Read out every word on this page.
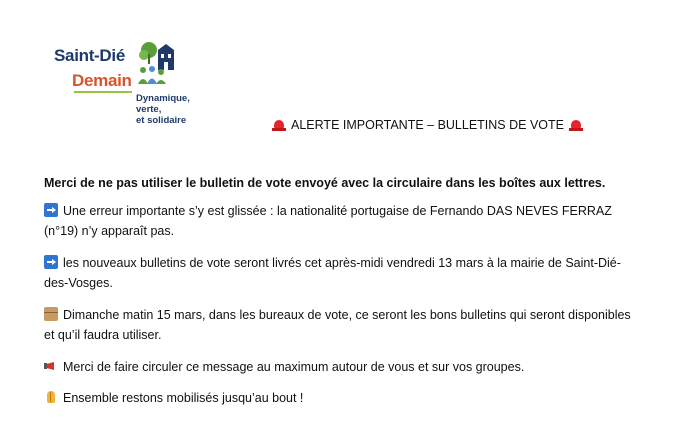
Saint-Dié
Demain
Dynamique,
verte,
et solidaire	ALERTE IMPORTANTE – BULLETINS DE VOTE

Merci de ne pas utiliser le bulletin de vote envoyé avec la circulaire dans les boîtes aux lettres.

Une erreur importante s’y est glissée : la nationalité portugaise de Fernando DAS NEVES FERRAZ (n°19) n’y apparaît pas.

les nouveaux bulletins de vote seront livrés cet après-midi vendredi 13 mars à la mairie de Saint-Dié-des-Vosges.

Dimanche matin 15 mars, dans les bureaux de vote, ce seront les bons bulletins qui seront disponibles et qu’il faudra utiliser.

Merci de faire circuler ce message au maximum autour de vous et sur vos groupes.

Ensemble restons mobilisés jusqu’au bout !
